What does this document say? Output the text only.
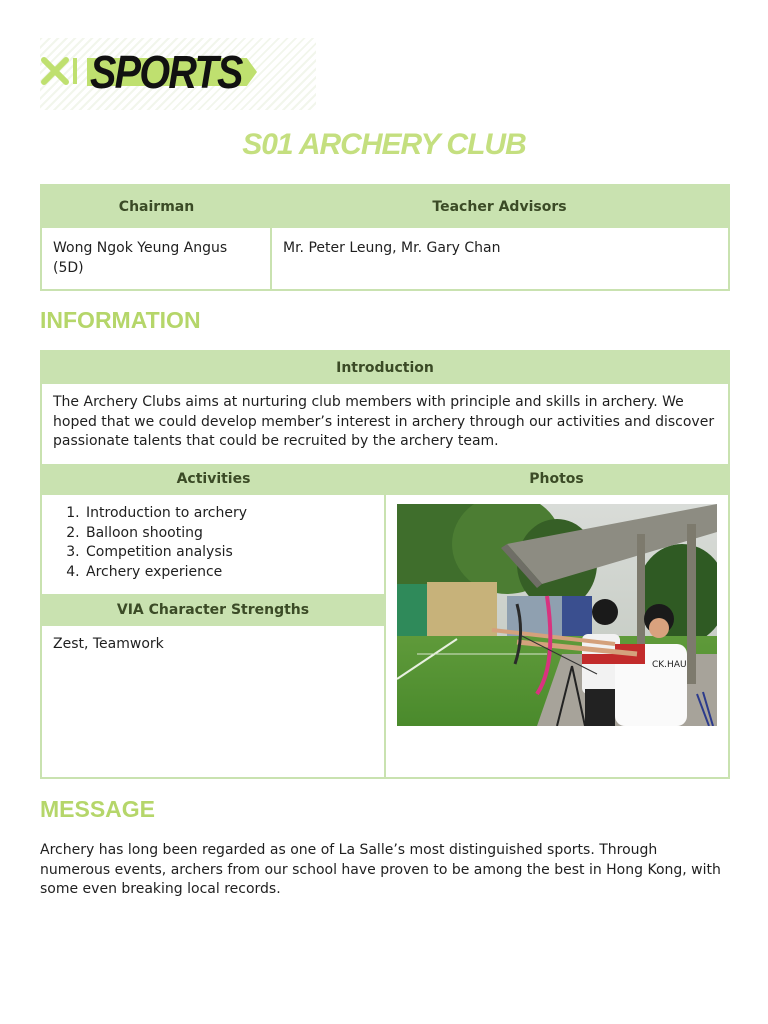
SPORTS
S01 ARCHERY CLUB
Chairman	Teacher Advisors
Wong Ngok Yeung Angus
(5D)
Mr. Peter Leung, Mr. Gary Chan
INFORMATION
Introduction
The Archery Clubs aims at nurturing club members with principle and skills in archery. We hoped that we could develop member’s interest in archery through our activities and discover passionate talents that could be recruited by the archery team.
Activities	Photos
1. Introduction to archery
2. Balloon shooting
3. Competition analysis
4. Archery experience
VIA Character Strengths
Zest, Teamwork
CK.HAU
MESSAGE
Archery has long been regarded as one of La Salle’s most distinguished sports. Through numerous events, archers from our school have proven to be among the best in Hong Kong, with some even breaking local records.
